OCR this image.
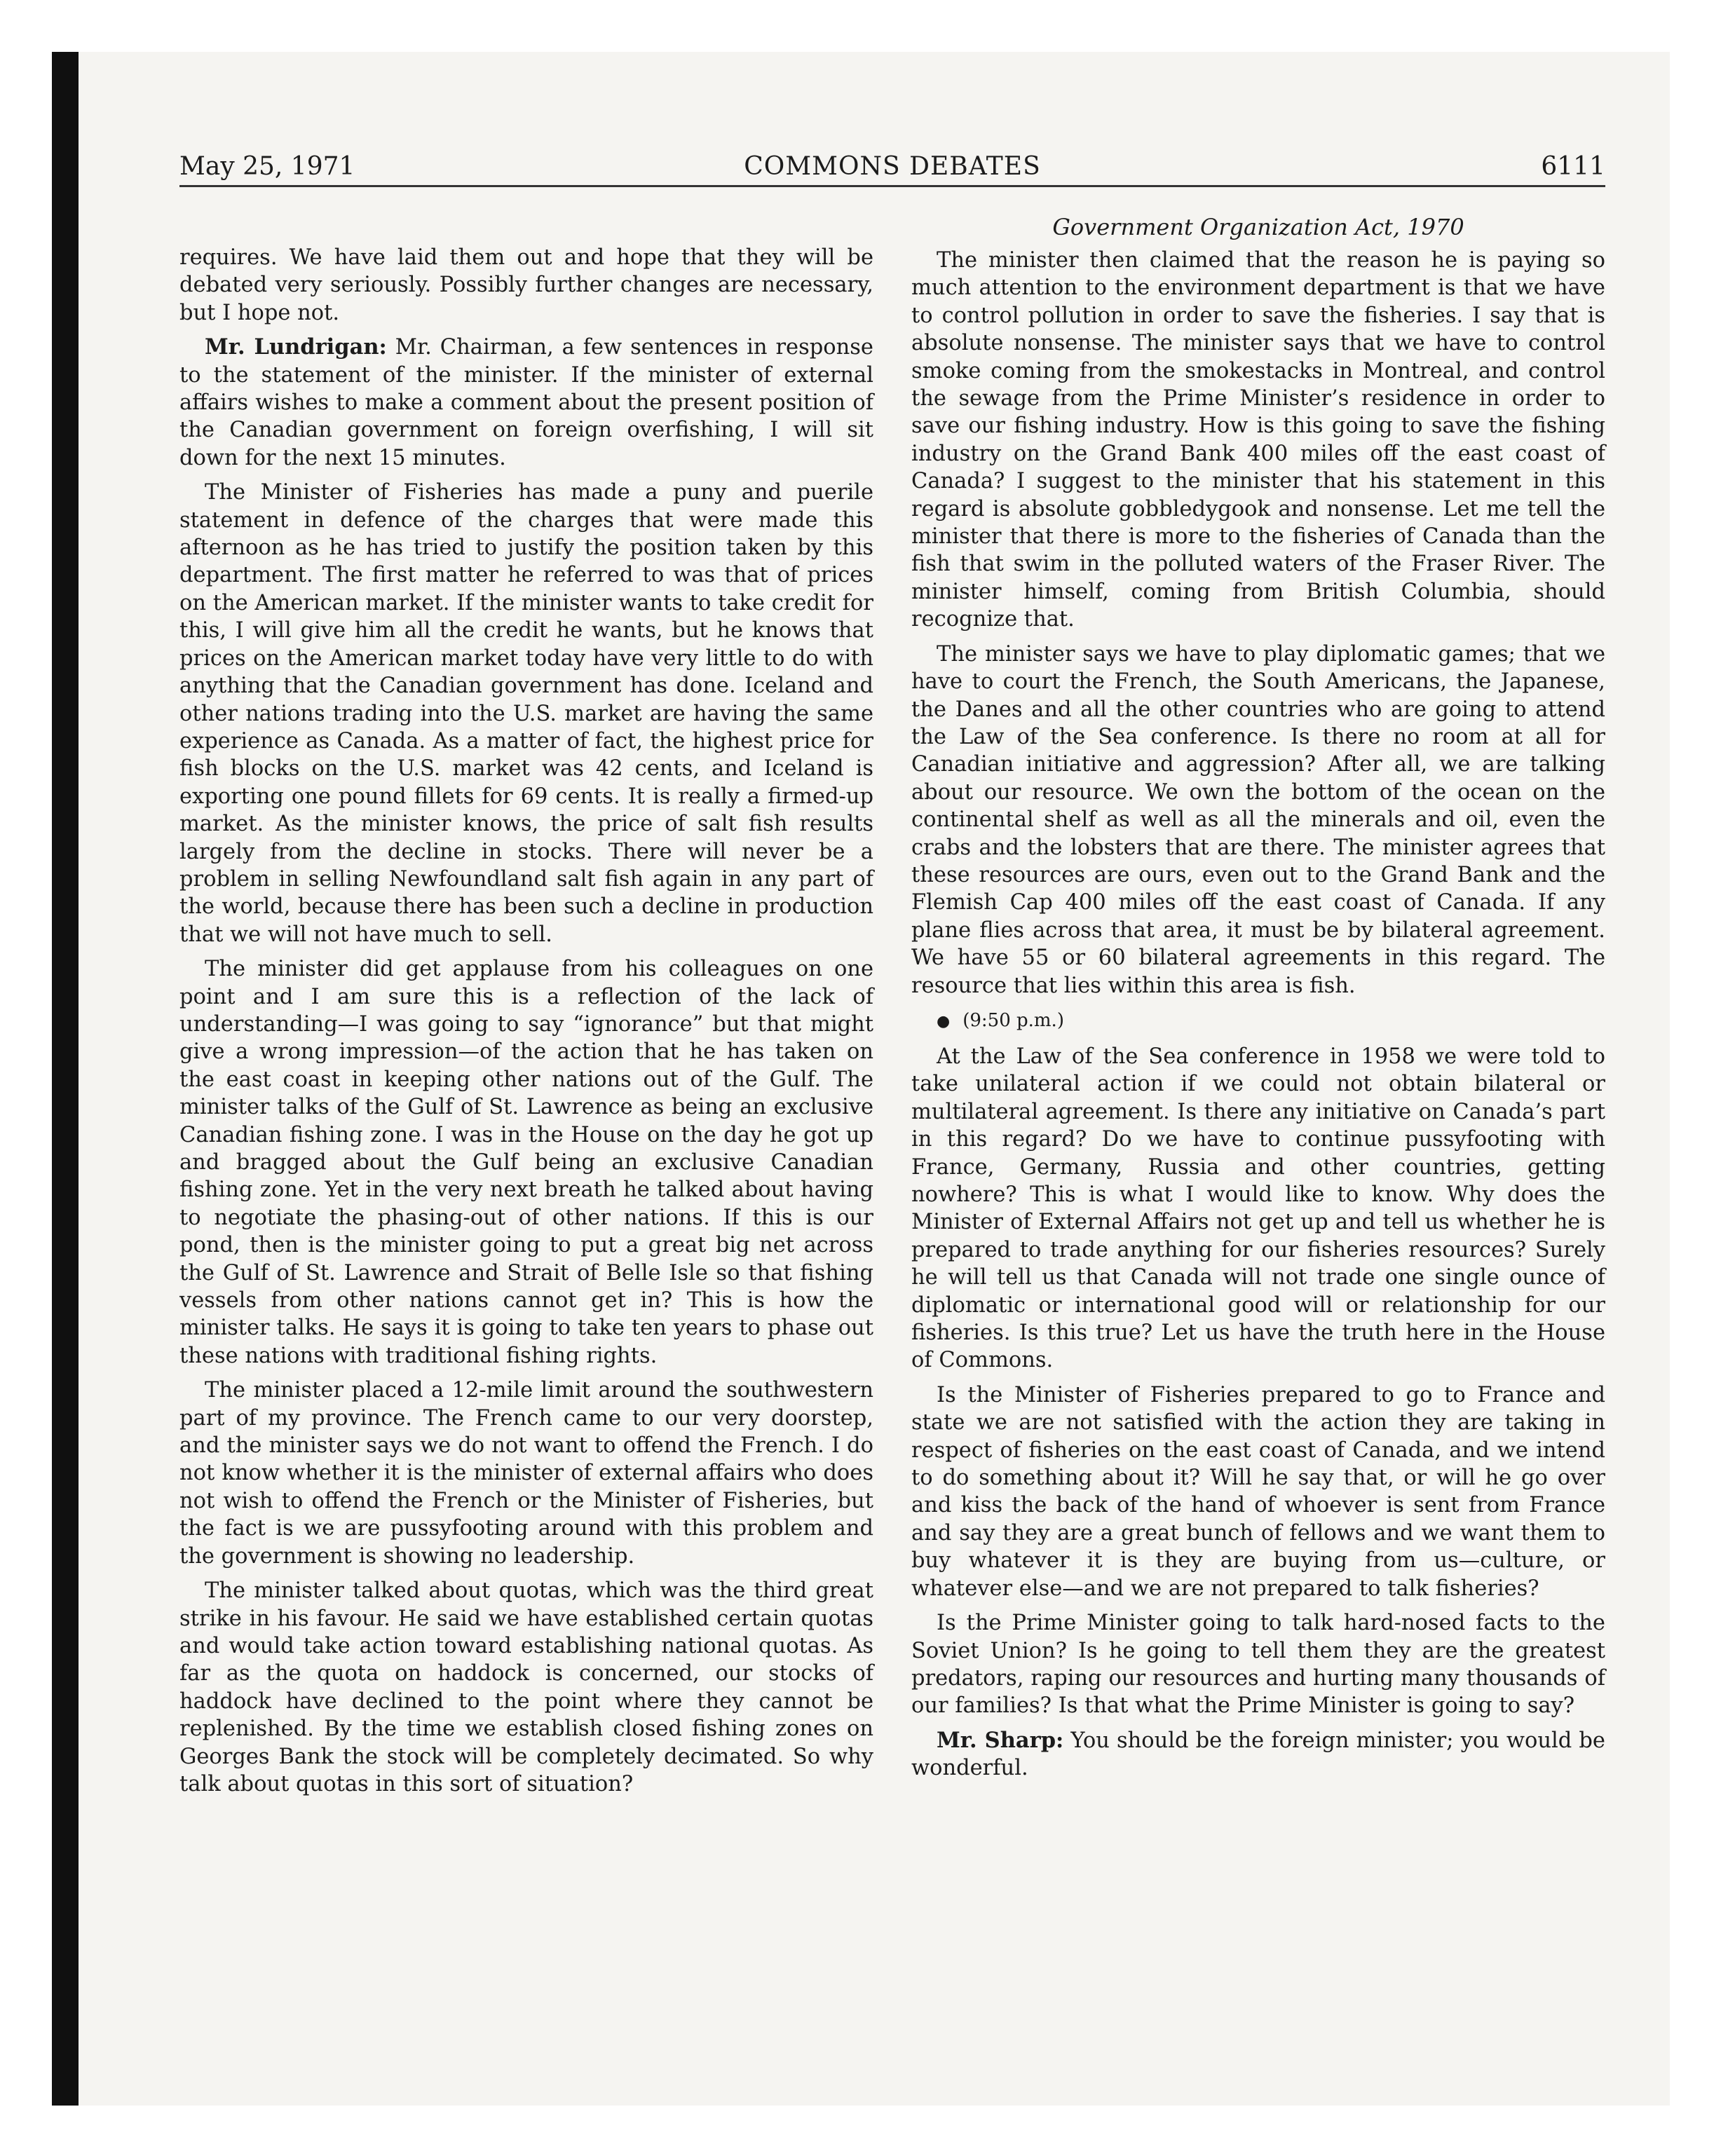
May 25, 1971	COMMONS DEBATES	6111

requires. We have laid them out and hope that they will be debated very seriously. Possibly further changes are necessary, but I hope not.

Mr. Lundrigan: Mr. Chairman, a few sentences in response to the statement of the minister. If the minister of external affairs wishes to make a comment about the present position of the Canadian government on foreign overfishing, I will sit down for the next 15 minutes.

The Minister of Fisheries has made a puny and puerile statement in defence of the charges that were made this afternoon as he has tried to justify the position taken by this department. The first matter he referred to was that of prices on the American market. If the minister wants to take credit for this, I will give him all the credit he wants, but he knows that prices on the American market today have very little to do with anything that the Canadian government has done. Iceland and other nations trading into the U.S. market are having the same experience as Canada. As a matter of fact, the highest price for fish blocks on the U.S. market was 42 cents, and Iceland is exporting one pound fillets for 69 cents. It is really a firmed-up market. As the minister knows, the price of salt fish results largely from the decline in stocks. There will never be a problem in selling Newfoundland salt fish again in any part of the world, because there has been such a decline in production that we will not have much to sell.

The minister did get applause from his colleagues on one point and I am sure this is a reflection of the lack of understanding—I was going to say “ignorance” but that might give a wrong impression—of the action that he has taken on the east coast in keeping other nations out of the Gulf. The minister talks of the Gulf of St. Lawrence as being an exclusive Canadian fishing zone. I was in the House on the day he got up and bragged about the Gulf being an exclusive Canadian fishing zone. Yet in the very next breath he talked about having to negotiate the phasing-out of other nations. If this is our pond, then is the minister going to put a great big net across the Gulf of St. Lawrence and Strait of Belle Isle so that fishing vessels from other nations cannot get in? This is how the minister talks. He says it is going to take ten years to phase out these nations with traditional fishing rights.

The minister placed a 12-mile limit around the southwestern part of my province. The French came to our very doorstep, and the minister says we do not want to offend the French. I do not know whether it is the minister of external affairs who does not wish to offend the French or the Minister of Fisheries, but the fact is we are pussyfooting around with this problem and the government is showing no leadership.

The minister talked about quotas, which was the third great strike in his favour. He said we have established certain quotas and would take action toward establishing national quotas. As far as the quota on haddock is concerned, our stocks of haddock have declined to the point where they cannot be replenished. By the time we establish closed fishing zones on Georges Bank the stock will be completely decimated. So why talk about quotas in this sort of situation?

Government Organization Act, 1970

The minister then claimed that the reason he is paying so much attention to the environment department is that we have to control pollution in order to save the fisheries. I say that is absolute nonsense. The minister says that we have to control smoke coming from the smokestacks in Montreal, and control the sewage from the Prime Minister’s residence in order to save our fishing industry. How is this going to save the fishing industry on the Grand Bank 400 miles off the east coast of Canada? I suggest to the minister that his statement in this regard is absolute gobbledygook and nonsense. Let me tell the minister that there is more to the fisheries of Canada than the fish that swim in the polluted waters of the Fraser River. The minister himself, coming from British Columbia, should recognize that.

The minister says we have to play diplomatic games; that we have to court the French, the South Americans, the Japanese, the Danes and all the other countries who are going to attend the Law of the Sea conference. Is there no room at all for Canadian initiative and aggression? After all, we are talking about our resource. We own the bottom of the ocean on the continental shelf as well as all the minerals and oil, even the crabs and the lobsters that are there. The minister agrees that these resources are ours, even out to the Grand Bank and the Flemish Cap 400 miles off the east coast of Canada. If any plane flies across that area, it must be by bilateral agreement. We have 55 or 60 bilateral agreements in this regard. The resource that lies within this area is fish.

● (9:50 p.m.)

At the Law of the Sea conference in 1958 we were told to take unilateral action if we could not obtain bilateral or multilateral agreement. Is there any initiative on Canada’s part in this regard? Do we have to continue pussyfooting with France, Germany, Russia and other countries, getting nowhere? This is what I would like to know. Why does the Minister of External Affairs not get up and tell us whether he is prepared to trade anything for our fisheries resources? Surely he will tell us that Canada will not trade one single ounce of diplomatic or international good will or relationship for our fisheries. Is this true? Let us have the truth here in the House of Commons.

Is the Minister of Fisheries prepared to go to France and state we are not satisfied with the action they are taking in respect of fisheries on the east coast of Canada, and we intend to do something about it? Will he say that, or will he go over and kiss the back of the hand of whoever is sent from France and say they are a great bunch of fellows and we want them to buy whatever it is they are buying from us—culture, or whatever else—and we are not prepared to talk fisheries?

Is the Prime Minister going to talk hard-nosed facts to the Soviet Union? Is he going to tell them they are the greatest predators, raping our resources and hurting many thousands of our families? Is that what the Prime Minister is going to say?

Mr. Sharp: You should be the foreign minister; you would be wonderful.
